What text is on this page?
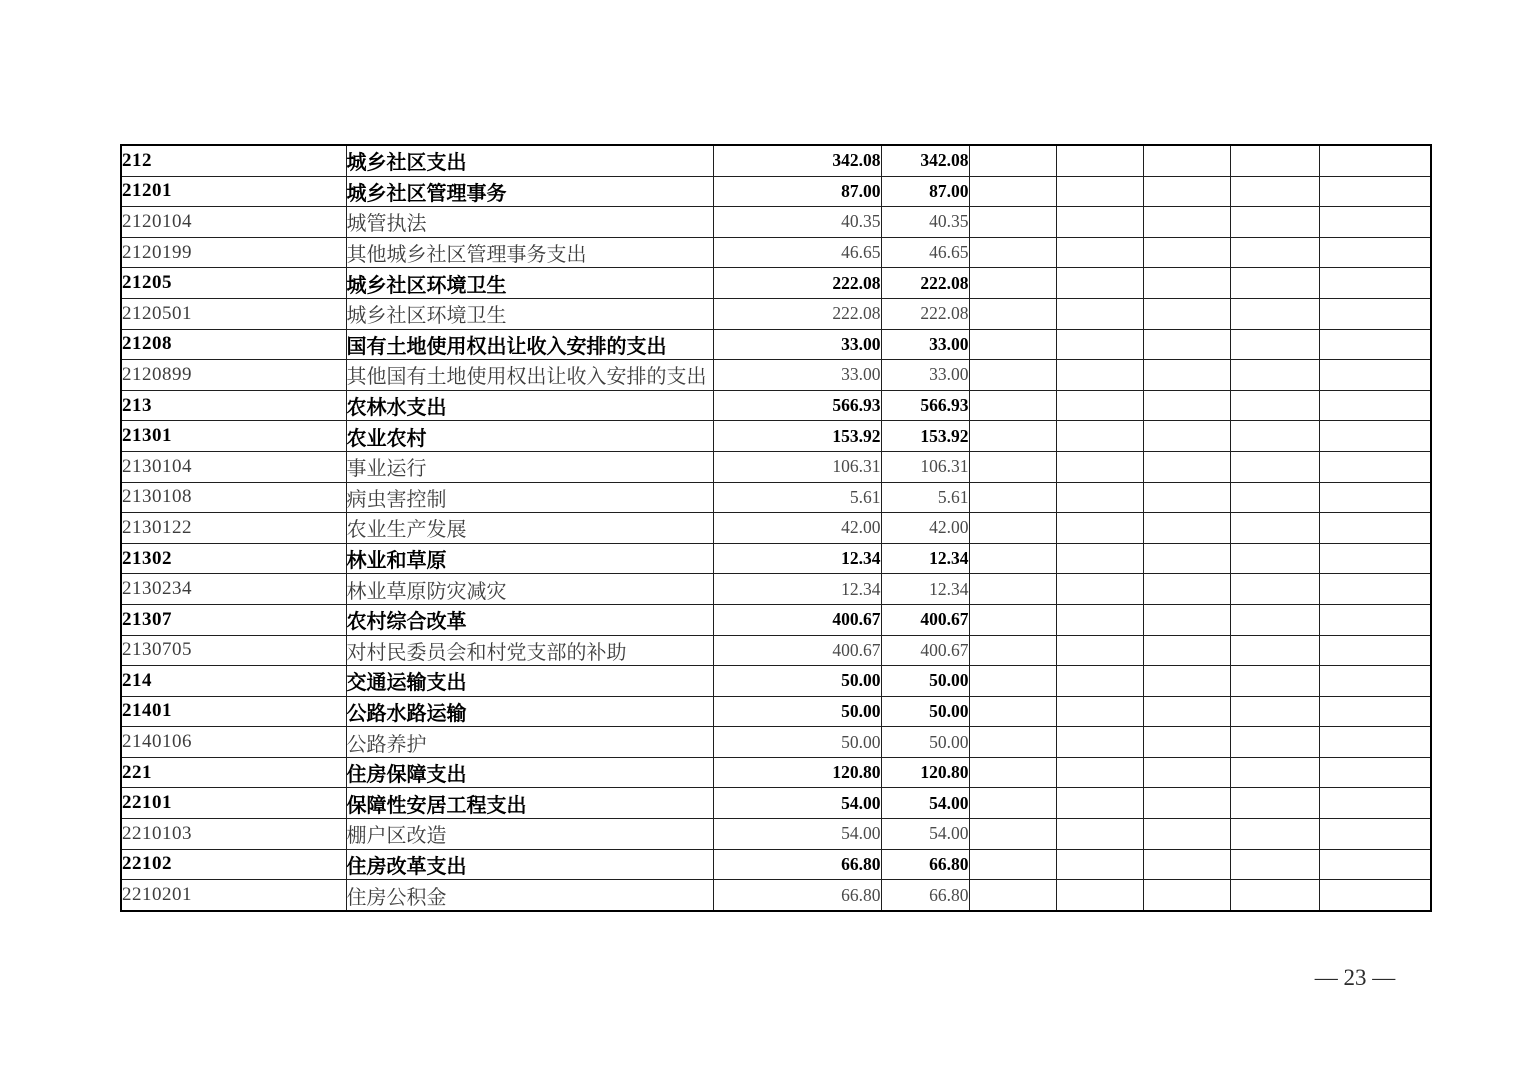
212	城乡社区支出	342.08	342.08					
21201	城乡社区管理事务	87.00	87.00					
2120104	城管执法	40.35	40.35					
2120199	其他城乡社区管理事务支出	46.65	46.65					
21205	城乡社区环境卫生	222.08	222.08					
2120501	城乡社区环境卫生	222.08	222.08					
21208	国有土地使用权出让收入安排的支出	33.00	33.00					
2120899	其他国有土地使用权出让收入安排的支出	33.00	33.00					
213	农林水支出	566.93	566.93					
21301	农业农村	153.92	153.92					
2130104	事业运行	106.31	106.31					
2130108	病虫害控制	5.61	5.61					
2130122	农业生产发展	42.00	42.00					
21302	林业和草原	12.34	12.34					
2130234	林业草原防灾减灾	12.34	12.34					
21307	农村综合改革	400.67	400.67					
2130705	对村民委员会和村党支部的补助	400.67	400.67					
214	交通运输支出	50.00	50.00					
21401	公路水路运输	50.00	50.00					
2140106	公路养护	50.00	50.00					
221	住房保障支出	120.80	120.80					
22101	保障性安居工程支出	54.00	54.00					
2210103	棚户区改造	54.00	54.00					
22102	住房改革支出	66.80	66.80					
2210201	住房公积金	66.80	66.80					
— 23 —
